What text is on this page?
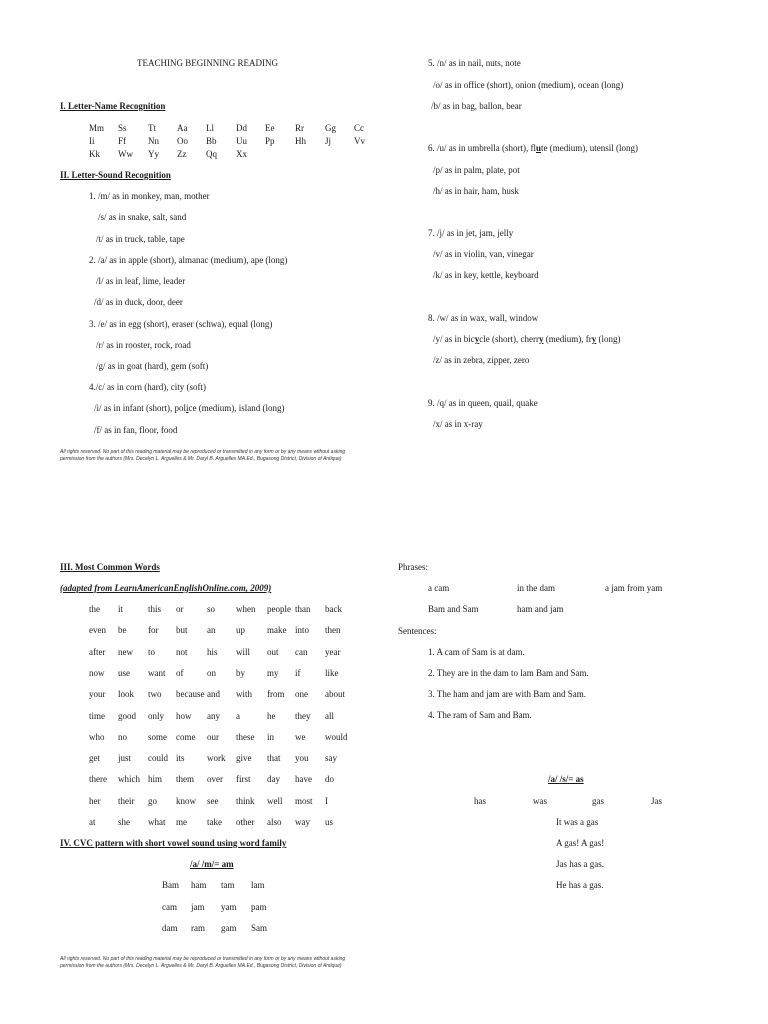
TEACHING BEGINNING READING
I. Letter-Name Recognition
Mm Ss Tt Aa Ll Dd Ee Rr Gg Cc
Ii	Ff Nn Oo Bb Uu Pp Hh Jj	Vv
Kk Ww Yy Zz Qq Xx
II. Letter-Sound Recognition
1. /m/ as in monkey, man, mother
/s/ as in snake, salt, sand
/t/ as in truck, table, tape
2. /a/ as in apple (short), almanac (medium), ape (long)
/l/ as in leaf, lime, leader
/d/ as in duck, door, deer
3. /e/ as in egg (short), eraser (schwa), equal (long)
/r/ as in rooster, rock, road
/g/ as in goat (hard), gem (soft)
4./c/ as in corn (hard), city (soft)
/i/ as in infant (short), police (medium), island (long)
/f/ as in fan, floor, food
5. /n/ as in nail, nuts, note
/o/ as in office (short), onion (medium), ocean (long)
/b/ as in bag, ballon, bear
6. /u/ as in umbrella (short), flute (medium), utensil (long)
/p/ as in palm, plate, pot
/h/ as in hair, ham, husk
7. /j/ as in jet, jam, jelly
/v/ as in violin, van, vinegar
/k/ as in key, kettle, keyboard
8. /w/ as in wax, wall, window
/y/ as in bicycle (short), cherry (medium), fry (long)
/z/ as in zebra, zipper, zero
9. /q/ as in queen, quail, quake
/x/ as in x-ray
All rights reserved. No part of this reading material may be reproduced or transmitted in any form or by any means without asking permission from the authors (Mrs. Decelyn L. Arguelles & Mr. Daryl B. Arguelles MA.Ed., Bugasong District, Division of Antique)
III. Most Common Words
(adapted from LearnAmericanEnglishOnline.com, 2009)
the it	this or	so when people than back
even be for but an up make into then
after new to not his will out can year
now use want of	on by my if	like
your look two because and with from one about
time good only how any a	he they all
who no some come our these in we would
get just could its work give that you say
there which him them over first day have do
her their go know see think well most I
at	she what me take other also way us
IV. CVC pattern with short vowel sound using word family
/a/ /m/= am
Bam ham tam lam
cam jam yam pam
dam ram gam Sam
All rights reserved. No part of this reading material may be reproduced or transmitted in any form or by any means without asking permission from the authors (Mrs. Decelyn L. Arguelles & Mr. Daryl B. Arguelles MA.Ed., Bugasong District, Division of Antique)
Phrases:
a cam	in the dam	a jam from yam
Bam and Sam	ham and jam
Sentences:
1. A cam of Sam is at dam.
2. They are in the dam to lam Bam and Sam.
3. The ham and jam are with Bam and Sam.
4. The ram of Sam and Bam.
/a/ /s/= as
has	was	gas	Jas
It was a gas
A gas! A gas!
Jas has a gas.
He has a gas.
